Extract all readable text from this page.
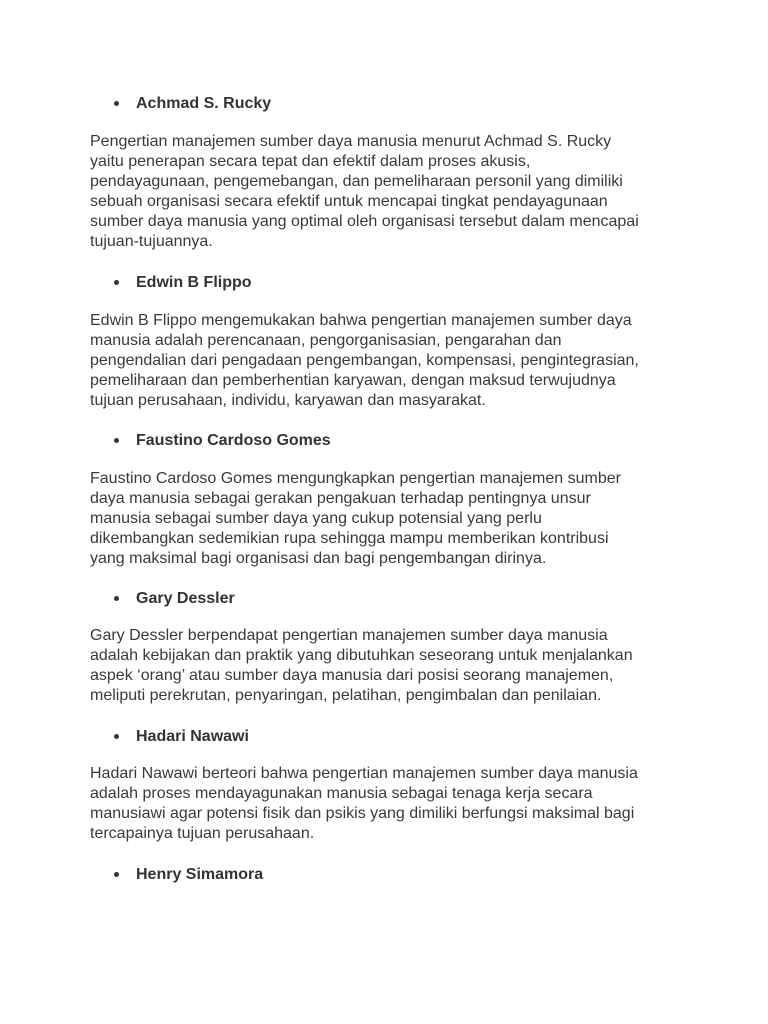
Achmad S. Rucky
Pengertian manajemen sumber daya manusia menurut Achmad S. Rucky
yaitu penerapan secara tepat dan efektif dalam proses akusis,
pendayagunaan, pengemebangan, dan pemeliharaan personil yang dimiliki
sebuah organisasi secara efektif untuk mencapai tingkat pendayagunaan
sumber daya manusia yang optimal oleh organisasi tersebut dalam mencapai
tujuan-tujuannya.
Edwin B Flippo
Edwin B Flippo mengemukakan bahwa pengertian manajemen sumber daya
manusia adalah perencanaan, pengorganisasian, pengarahan dan
pengendalian dari pengadaan pengembangan, kompensasi, pengintegrasian,
pemeliharaan dan pemberhentian karyawan, dengan maksud terwujudnya
tujuan perusahaan, individu, karyawan dan masyarakat.
Faustino Cardoso Gomes
Faustino Cardoso Gomes mengungkapkan pengertian manajemen sumber
daya manusia sebagai gerakan pengakuan terhadap pentingnya unsur
manusia sebagai sumber daya yang cukup potensial yang perlu
dikembangkan sedemikian rupa sehingga mampu memberikan kontribusi
yang maksimal bagi organisasi dan bagi pengembangan dirinya.
Gary Dessler
Gary Dessler berpendapat pengertian manajemen sumber daya manusia
adalah kebijakan dan praktik yang dibutuhkan seseorang untuk menjalankan
aspek ‘orang’ atau sumber daya manusia dari posisi seorang manajemen,
meliputi perekrutan, penyaringan, pelatihan, pengimbalan dan penilaian.
Hadari Nawawi
Hadari Nawawi berteori bahwa pengertian manajemen sumber daya manusia
adalah proses mendayagunakan manusia sebagai tenaga kerja secara
manusiawi agar potensi fisik dan psikis yang dimiliki berfungsi maksimal bagi
tercapainya tujuan perusahaan.
Henry Simamora
